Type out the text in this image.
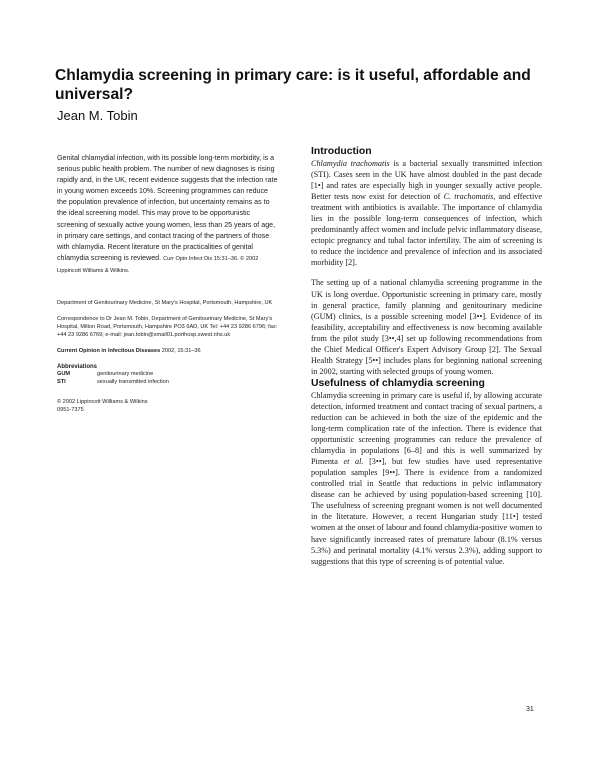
Chlamydia screening in primary care: is it useful, affordable and universal?

Jean M. Tobin

Genital chlamydial infection, with its possible long-term morbidity, is a serious public health problem. The number of new diagnoses is rising rapidly and, in the UK, recent evidence suggests that the infection rate in young women exceeds 10%. Screening programmes can reduce the population prevalence of infection, but uncertainty remains as to the ideal screening model. This may prove to be opportunistic screening of sexually active young women, less than 25 years of age, in primary care settings, and contact tracing of the partners of those with chlamydia. Recent literature on the practicalities of genital chlamydia screening is reviewed. Curr Opin Infect Dis 15:31–36. © 2002 Lippincott Williams & Wilkins.

Department of Genitourinary Medicine, St Mary's Hospital, Portsmouth, Hampshire, UK

Correspondence to Dr Jean M. Tobin, Department of Genitourinary Medicine, St Mary's Hospital, Milton Road, Portsmouth, Hampshire PO3 6AD, UK Tel: +44 23 9286 6796; fax: +44 23 9286 6769; e-mail: jean.tobin@smail01.porthosp.swest.nhs.uk

Current Opinion in Infectious Diseases 2002, 15:31–36

Abbreviations

GUM	genitourinary medicine
STI	sexually transmitted infection

© 2002 Lippincott Williams & Wilkins

0951-7375

Introduction

Chlamydia trachomatis is a bacterial sexually transmitted infection (STI). Cases seen in the UK have almost doubled in the past decade [1•] and rates are especially high in younger sexually active people. Better tests now exist for detection of C. trachomatis, and effective treatment with antibiotics is available. The importance of chlamydia lies in the possible long-term consequences of infection, which predominantly affect women and include pelvic inflammatory disease, ectopic pregnancy and tubal factor infertility. The aim of screening is to reduce the incidence and prevalence of infection and its associated morbidity [2].

The setting up of a national chlamydia screening programme in the UK is long overdue. Opportunistic screening in primary care, mostly in general practice, family planning and genitourinary medicine (GUM) clinics, is a possible screening model [3••]. Evidence of its feasibility, acceptability and effectiveness is now becoming available from the pilot study [3••,4] set up following recommendations from the Chief Medical Officer's Expert Advisory Group [2]. The Sexual Health Strategy [5••] includes plans for beginning national screening in 2002, starting with selected groups of young women.

Usefulness of chlamydia screening

Chlamydia screening in primary care is useful if, by allowing accurate detection, informed treatment and contact tracing of sexual partners, a reduction can be achieved in both the size of the epidemic and the long-term complication rate of the infection. There is evidence that opportunistic screening programmes can reduce the prevalence of chlamydia in populations [6–8] and this is well summarized by Pimenta et al. [3••], but few studies have used representative population samples [9••]. There is evidence from a randomized controlled trial in Seattle that reductions in pelvic inflammatory disease can be achieved by using population-based screening [10]. The usefulness of screening pregnant women is not well documented in the literature. However, a recent Hungarian study [11•] tested women at the onset of labour and found chlamydia-positive women to have significantly increased rates of premature labour (8.1% versus 5.3%) and perinatal mortality (4.1% versus 2.3%), adding support to suggestions that this type of screening is of potential value.

31
